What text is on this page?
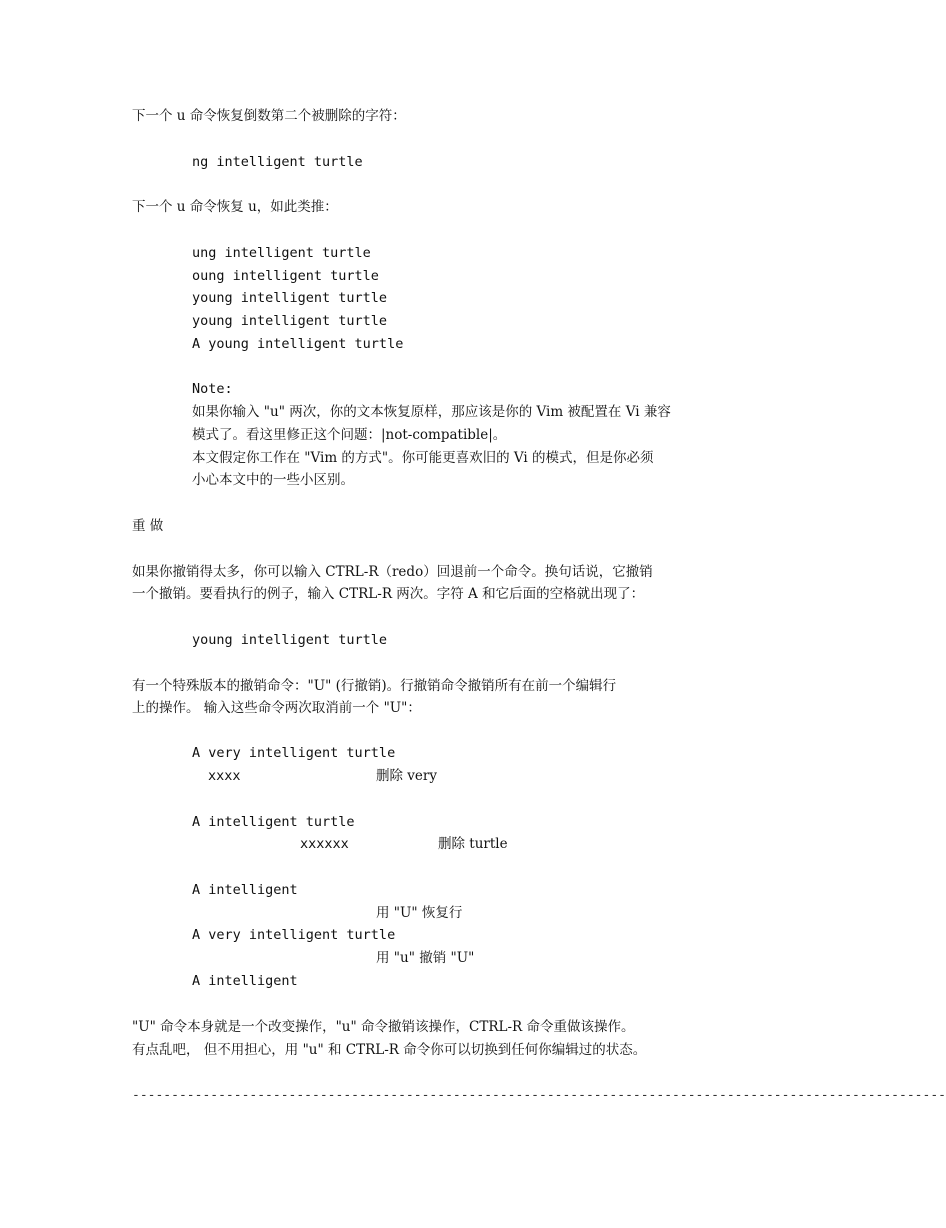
下一个 u 命令恢复倒数第二个被删除的字符：
ng intelligent turtle
下一个 u 命令恢复 u，如此类推：
ung intelligent turtle
oung intelligent turtle
young intelligent turtle
young intelligent turtle
A young intelligent turtle
Note:
如果你输入 "u" 两次，你的文本恢复原样，那应该是你的 Vim 被配置在 Vi 兼容
模式了。看这里修正这个问题：|not-compatible|。
本文假定你工作在 "Vim 的方式"。你可能更喜欢旧的 Vi 的模式，但是你必须
小心本文中的一些小区别。
重 做
如果你撤销得太多，你可以输入 CTRL-R（redo）回退前一个命令。换句话说，它撤销
一个撤销。要看执行的例子，输入 CTRL-R 两次。字符 A 和它后面的空格就出现了：
young intelligent turtle
有一个特殊版本的撤销命令："U" (行撤销)。行撤销命令撤销所有在前一个编辑行
上的操作。 输入这些命令两次取消前一个 "U"：
A very intelligent turtle
xxxx	删除 very
A intelligent turtle
xxxxxx	删除 turtle
A intelligent
用 "U" 恢复行
A very intelligent turtle
用 "u" 撤销 "U"
A intelligent
"U" 命令本身就是一个改变操作，"u" 命令撤销该操作，CTRL-R 命令重做该操作。
有点乱吧， 但不用担心，用 "u" 和 CTRL-R 命令你可以切换到任何你编辑过的状态。
--------------------------------------------------------------------------------------------------------
